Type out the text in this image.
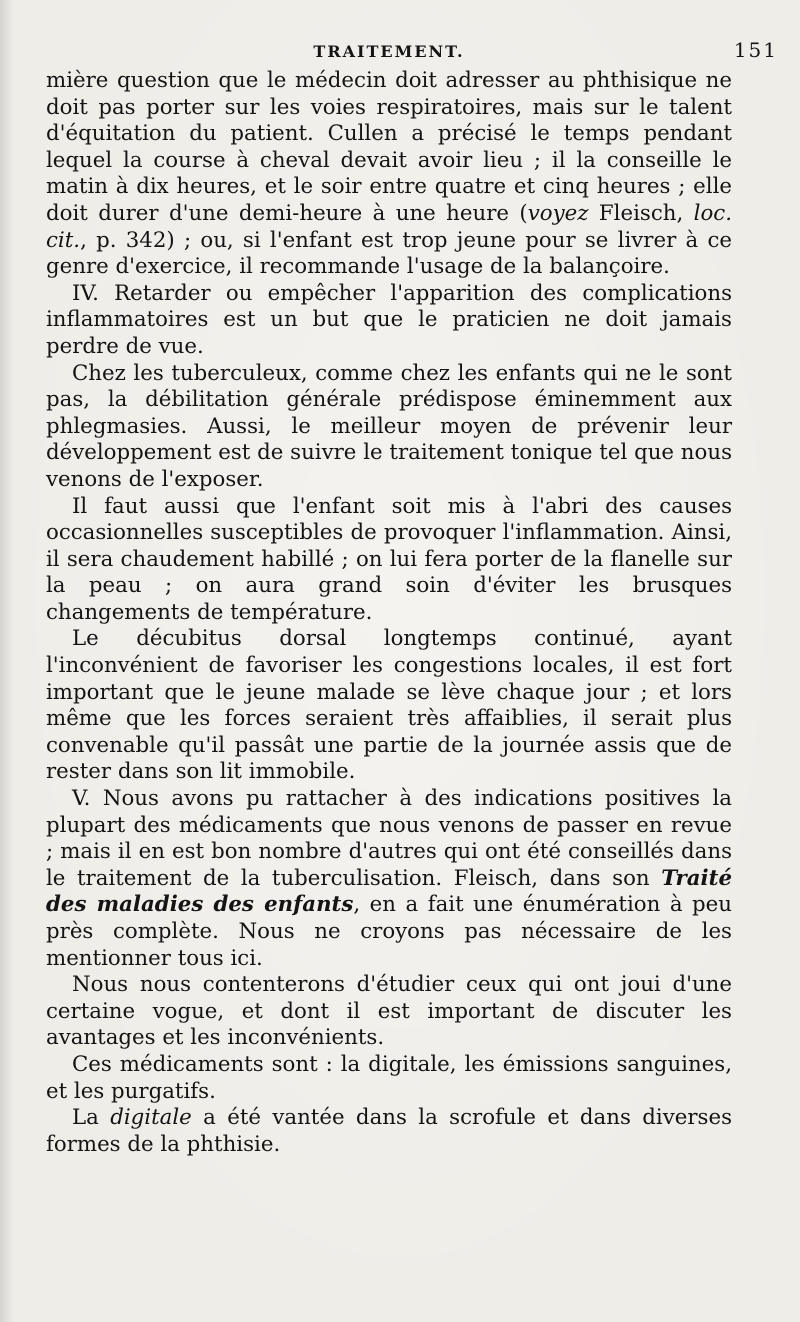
TRAITEMENT.	151

mière question que le médecin doit adresser au phthisique ne doit pas porter sur les voies respiratoires, mais sur le talent d'équitation du patient. Cullen a précisé le temps pendant lequel la course à cheval devait avoir lieu ; il la conseille le matin à dix heures, et le soir entre quatre et cinq heures ; elle doit durer d'une demi-heure à une heure (voyez Fleisch, loc. cit., p. 342) ; ou, si l'enfant est trop jeune pour se livrer à ce genre d'exercice, il recommande l'usage de la balançoire.

IV. Retarder ou empêcher l'apparition des complications inflammatoires est un but que le praticien ne doit jamais perdre de vue.

Chez les tuberculeux, comme chez les enfants qui ne le sont pas, la débilitation générale prédispose éminemment aux phlegmasies. Aussi, le meilleur moyen de prévenir leur développement est de suivre le traitement tonique tel que nous venons de l'exposer.

Il faut aussi que l'enfant soit mis à l'abri des causes occasionnelles susceptibles de provoquer l'inflammation. Ainsi, il sera chaudement habillé ; on lui fera porter de la flanelle sur la peau ; on aura grand soin d'éviter les brusques changements de température.

Le décubitus dorsal longtemps continué, ayant l'inconvénient de favoriser les congestions locales, il est fort important que le jeune malade se lève chaque jour ; et lors même que les forces seraient très affaiblies, il serait plus convenable qu'il passât une partie de la journée assis que de rester dans son lit immobile.

V. Nous avons pu rattacher à des indications positives la plupart des médicaments que nous venons de passer en revue ; mais il en est bon nombre d'autres qui ont été conseillés dans le traitement de la tuberculisation. Fleisch, dans son Traité des maladies des enfants, en a fait une énumération à peu près complète. Nous ne croyons pas nécessaire de les mentionner tous ici.

Nous nous contenterons d'étudier ceux qui ont joui d'une certaine vogue, et dont il est important de discuter les avantages et les inconvénients.

Ces médicaments sont : la digitale, les émissions sanguines, et les purgatifs.

La digitale a été vantée dans la scrofule et dans diverses formes de la phthisie.
